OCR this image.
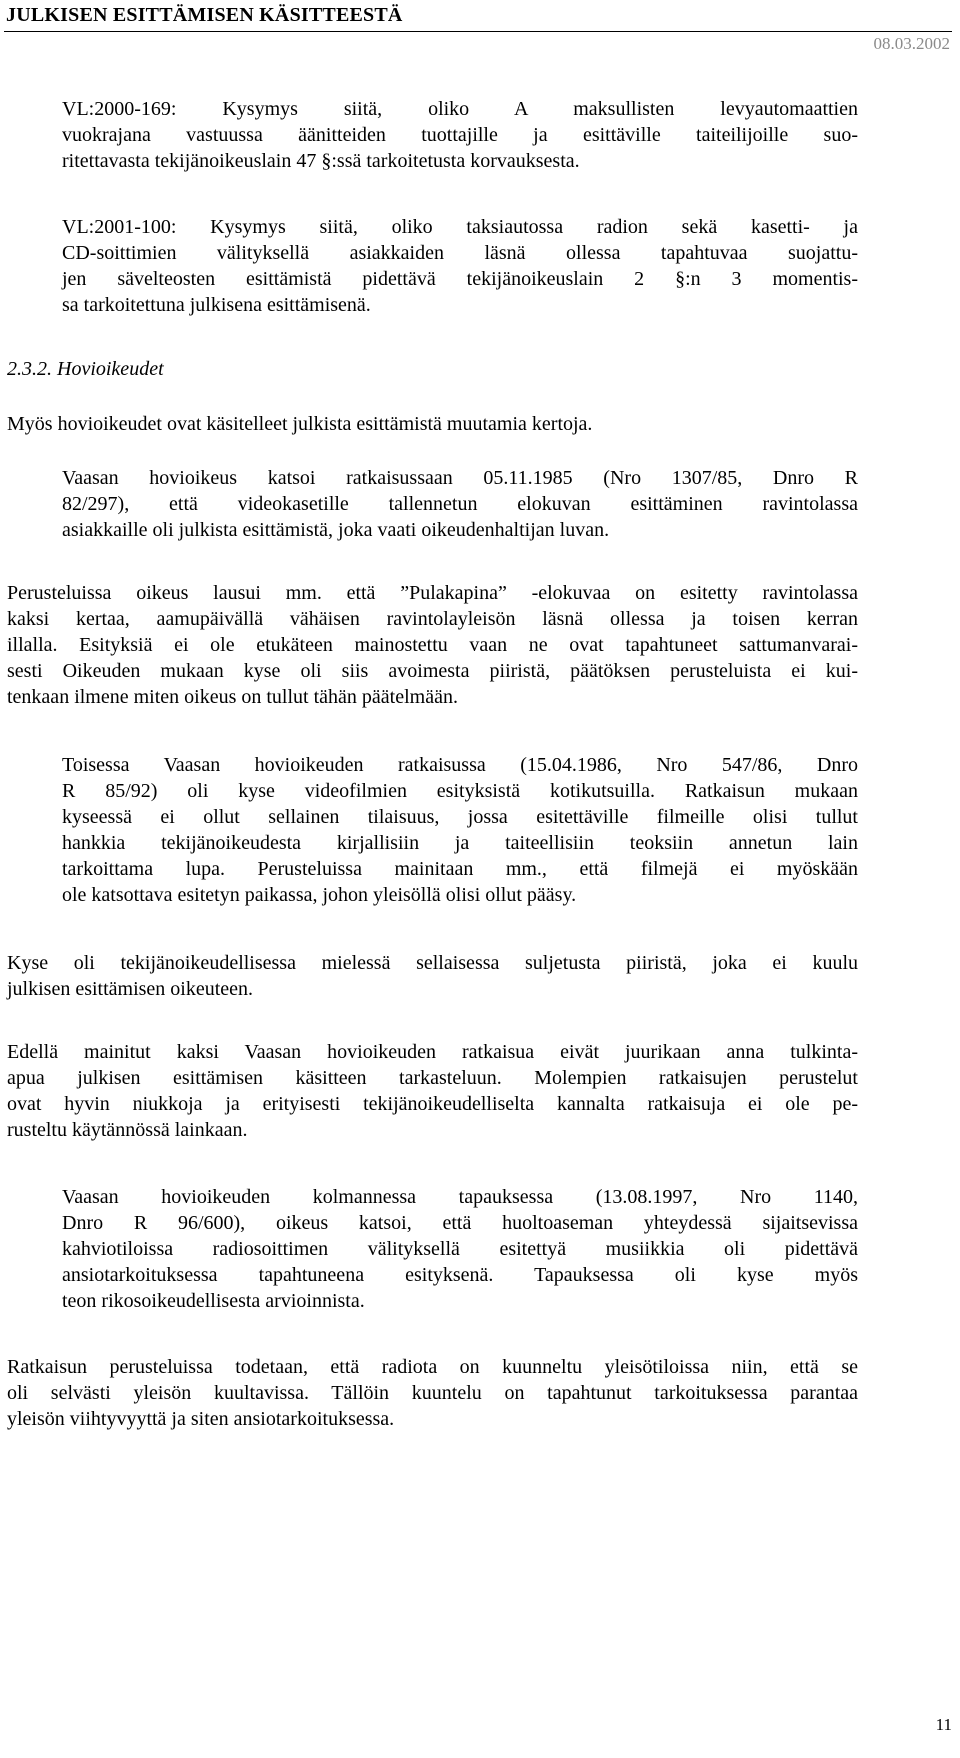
JULKISEN ESITTÄMISEN KÄSITTEESTÄ
08.03.2002
VL:2000-169: Kysymys siitä, oliko A maksullisten levyautomaattien
vuokrajana vastuussa äänitteiden tuottajille ja esittäville taiteilijoille suo-
ritettavasta tekijänoikeuslain 47 §:ssä tarkoitetusta korvauksesta.
VL:2001-100: Kysymys siitä, oliko taksiautossa radion sekä kasetti- ja
CD-soittimien välityksellä asiakkaiden läsnä ollessa tapahtuvaa suojattu-
jen sävelteosten esittämistä pidettävä tekijänoikeuslain 2 §:n 3 momentis-
sa tarkoitettuna julkisena esittämisenä.
2.3.2. Hovioikeudet
Myös hovioikeudet ovat käsitelleet julkista esittämistä muutamia kertoja.
Vaasan hovioikeus katsoi ratkaisussaan 05.11.1985 (Nro 1307/85, Dnro R
82/297), että videokasetille tallennetun elokuvan esittäminen ravintolassa
asiakkaille oli julkista esittämistä, joka vaati oikeudenhaltijan luvan.
Perusteluissa oikeus lausui mm. että ”Pulakapina” -elokuvaa on esitetty ravintolassa
kaksi kertaa, aamupäivällä vähäisen ravintolayleisön läsnä ollessa ja toisen kerran
illalla. Esityksiä ei ole etukäteen mainostettu vaan ne ovat tapahtuneet sattumanvarai-
sesti Oikeuden mukaan kyse oli siis avoimesta piiristä, päätöksen perusteluista ei kui-
tenkaan ilmene miten oikeus on tullut tähän päätelmään.
Toisessa Vaasan hovioikeuden ratkaisussa (15.04.1986, Nro 547/86, Dnro
R 85/92) oli kyse videofilmien esityksistä kotikutsuilla. Ratkaisun mukaan
kyseessä ei ollut sellainen tilaisuus, jossa esitettäville filmeille olisi tullut
hankkia tekijänoikeudesta kirjallisiin ja taiteellisiin teoksiin annetun lain
tarkoittama lupa. Perusteluissa mainitaan mm., että filmejä ei myöskään
ole katsottava esitetyn paikassa, johon yleisöllä olisi ollut pääsy.
Kyse oli tekijänoikeudellisessa mielessä sellaisessa suljetusta piiristä, joka ei kuulu
julkisen esittämisen oikeuteen.
Edellä mainitut kaksi Vaasan hovioikeuden ratkaisua eivät juurikaan anna tulkinta-
apua julkisen esittämisen käsitteen tarkasteluun. Molempien ratkaisujen perustelut
ovat hyvin niukkoja ja erityisesti tekijänoikeudelliselta kannalta ratkaisuja ei ole pe-
rusteltu käytännössä lainkaan.
Vaasan hovioikeuden kolmannessa tapauksessa (13.08.1997, Nro 1140,
Dnro R 96/600), oikeus katsoi, että huoltoaseman yhteydessä sijaitsevissa
kahviotiloissa radiosoittimen välityksellä esitettyä musiikkia oli pidettävä
ansiotarkoituksessa tapahtuneena esityksenä. Tapauksessa oli kyse myös
teon rikosoikeudellisesta arvioinnista.
Ratkaisun perusteluissa todetaan, että radiota on kuunneltu yleisötiloissa niin, että se
oli selvästi yleisön kuultavissa. Tällöin kuuntelu on tapahtunut tarkoituksessa parantaa
yleisön viihtyvyyttä ja siten ansiotarkoituksessa.
11
